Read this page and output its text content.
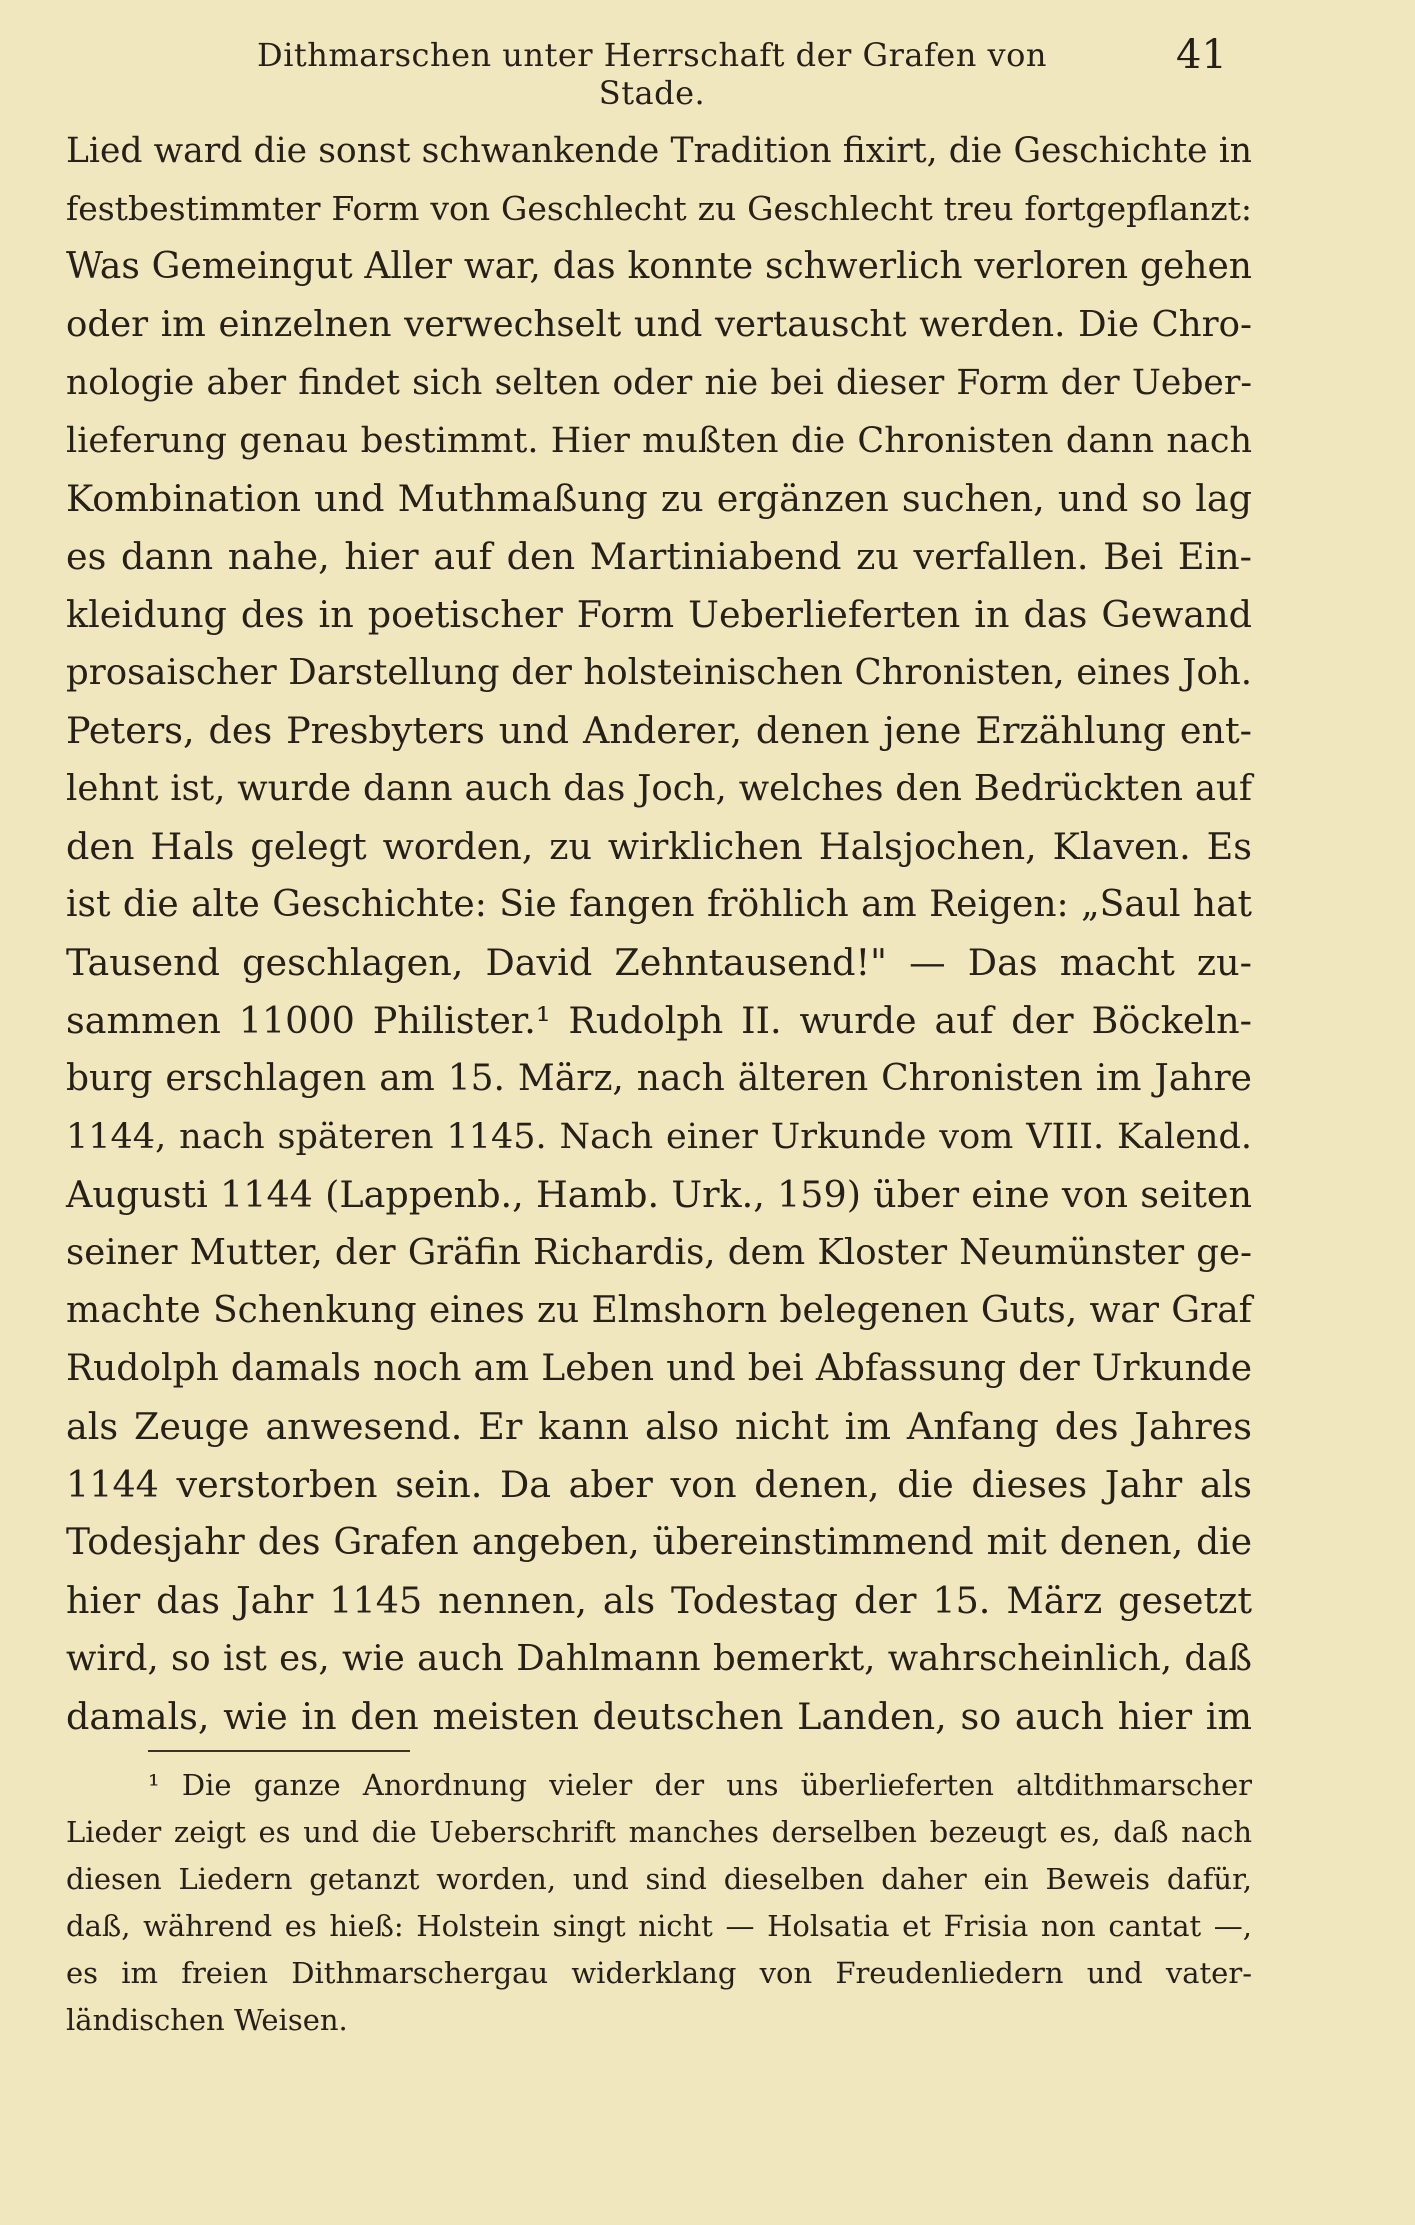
Dithmarschen unter Herrschaft der Grafen von Stade.
41
Lied ward die sonst schwankende Tradition fixirt, die Geschichte in
festbestimmter Form von Geschlecht zu Geschlecht treu fortgepflanzt:
Was Gemeingut Aller war, das konnte schwerlich verloren gehen
oder im einzelnen verwechselt und vertauscht werden. Die Chro-
nologie aber findet sich selten oder nie bei dieser Form der Ueber-
lieferung genau bestimmt. Hier mußten die Chronisten dann nach
Kombination und Muthmaßung zu ergänzen suchen, und so lag
es dann nahe, hier auf den Martiniabend zu verfallen. Bei Ein-
kleidung des in poetischer Form Ueberlieferten in das Gewand
prosaischer Darstellung der holsteinischen Chronisten, eines Joh.
Peters, des Presbyters und Anderer, denen jene Erzählung ent-
lehnt ist, wurde dann auch das Joch, welches den Bedrückten auf
den Hals gelegt worden, zu wirklichen Halsjochen, Klaven. Es
ist die alte Geschichte: Sie fangen fröhlich am Reigen: „Saul hat
Tausend geschlagen, David Zehntausend!" — Das macht zu-
sammen 11000 Philister.¹ Rudolph II. wurde auf der Böckeln-
burg erschlagen am 15. März, nach älteren Chronisten im Jahre
1144, nach späteren 1145. Nach einer Urkunde vom VIII. Kalend.
Augusti 1144 (Lappenb., Hamb. Urk., 159) über eine von seiten
seiner Mutter, der Gräfin Richardis, dem Kloster Neumünster ge-
machte Schenkung eines zu Elmshorn belegenen Guts, war Graf
Rudolph damals noch am Leben und bei Abfassung der Urkunde
als Zeuge anwesend. Er kann also nicht im Anfang des Jahres
1144 verstorben sein. Da aber von denen, die dieses Jahr als
Todesjahr des Grafen angeben, übereinstimmend mit denen, die
hier das Jahr 1145 nennen, als Todestag der 15. März gesetzt
wird, so ist es, wie auch Dahlmann bemerkt, wahrscheinlich, daß
damals, wie in den meisten deutschen Landen, so auch hier im
¹ Die ganze Anordnung vieler der uns überlieferten altdithmarscher
Lieder zeigt es und die Ueberschrift manches derselben bezeugt es, daß nach
diesen Liedern getanzt worden, und sind dieselben daher ein Beweis dafür,
daß, während es hieß: Holstein singt nicht — Holsatia et Frisia non cantat —,
es im freien Dithmarschergau widerklang von Freudenliedern und vater-
ländischen Weisen.
